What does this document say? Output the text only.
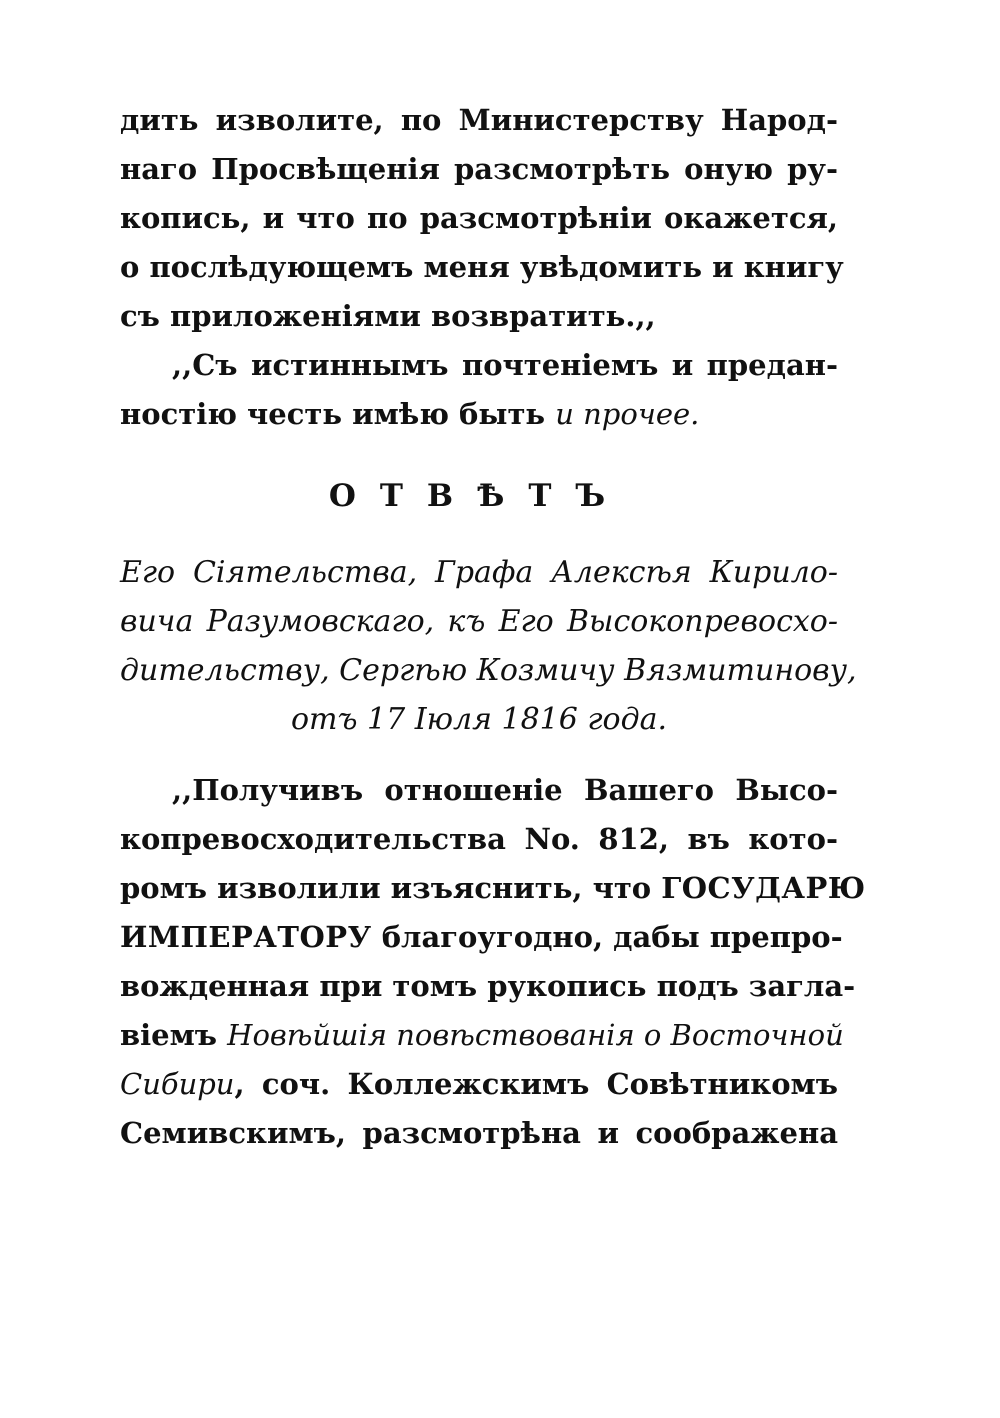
дить изволите, по Министерству Народ-
наго Просвѣщенія разсмотрѣть оную ру-
копись, и что по разсмотрѣніи окажется,
о послѣдующемъ меня увѣдомить и книгу
съ приложеніями возвратить.,,
,,Съ истиннымъ почтеніемъ и предан-
ностію честь имѣю быть и прочее.
ОТВѢТЪ
Его Сіятельства, Графа Алексѣя Кирило-
вича Разумовскаго, къ Его Высокопревосхо-
дительству, Сергѣю Козмичу Вязмитинову,
отъ 17 Іюля 1816 года.
,,Получивъ отношеніе Вашего Высо-
копревосходительства No. 812, въ кото-
ромъ изволили изъяснить, что ГОСУДАРЮ
ИМПЕРАТОРУ благоугодно, дабы препро-
вожденная при томъ рукопись подъ загла-
віемъ Новѣйшія повѣствованія о Восточной
Сибири, соч. Коллежскимъ Совѣтникомъ
Семивскимъ, разсмотрѣна и соображена
